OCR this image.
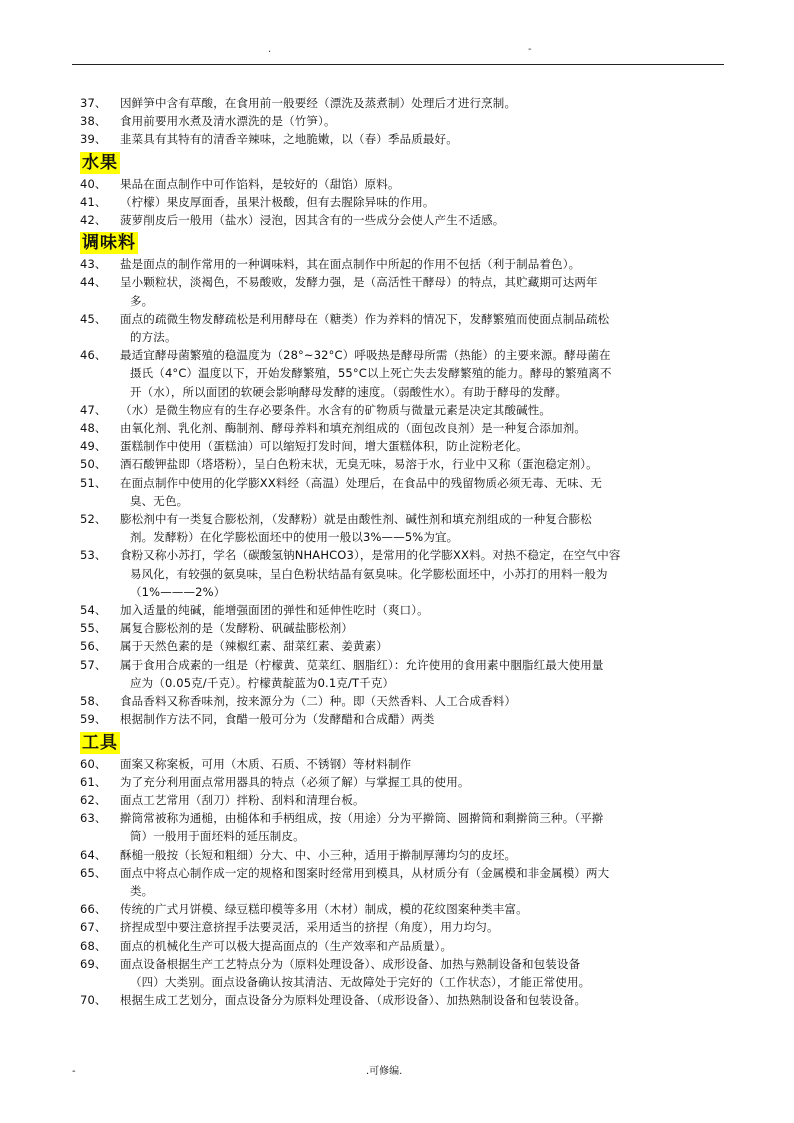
.	-
37、 因鲜笋中含有草酸，在食用前一般要经（漂洗及蒸煮制）处理后才进行烹制。
38、 食用前要用水煮及清水漂洗的是（竹笋）。
39、 韭菜具有其特有的清香辛辣味，之地脆嫩，以（春）季品质最好。
水果
40、 果品在面点制作中可作馅料，是较好的（甜馅）原料。
41、 （柠檬）果皮厚面香，虽果汁极酸，但有去腥除异味的作用。
42、 菠萝削皮后一般用（盐水）浸泡，因其含有的一些成分会使人产生不适感。
调味料
43、 盐是面点的制作常用的一种调味料，其在面点制作中所起的作用不包括（利于制品着色）。
44、 呈小颗粒状，淡褐色，不易酸败，发酵力强，是（高活性干酵母）的特点，其贮藏期可达两年
多。
45、 面点的疏微生物发酵疏松是利用酵母在（糖类）作为养料的情况下，发酵繁殖而使面点制品疏松
的方法。
46、 最适宜酵母菌繁殖的稳温度为（28°~32°C）呼吸热是酵母所需（热能）的主要来源。酵母菌在
摄氏（4°C）温度以下，开始发酵繁殖，55°C以上死亡失去发酵繁殖的能力。酵母的繁殖离不
开（水），所以面团的软硬会影响酵母发酵的速度。（弱酸性水）。有助于酵母的发酵。
47、 （水）是微生物应有的生存必要条件。水含有的矿物质与微量元素是决定其酸碱性。
48、 由氧化剂、乳化剂、酶制剂、酵母养料和填充剂组成的（面包改良剂）是一种复合添加剂。
49、 蛋糕制作中使用（蛋糕油）可以缩短打发时间，增大蛋糕体积，防止淀粉老化。
50、 酒石酸钾盐即（塔塔粉），呈白色粉末状，无臭无味，易溶于水，行业中又称（蛋泡稳定剂）。
51、 在面点制作中使用的化学膨XX料经（高温）处理后，在食品中的残留物质必须无毒、无味、无
臭、无色。
52、 膨松剂中有一类复合膨松剂，（发酵粉）就是由酸性剂、碱性剂和填充剂组成的一种复合膨松
剂。发酵粉）在化学膨松面坯中的使用一般以3%——5%为宜。
53、 食粉又称小苏打，学名（碳酸氢钠NHAHCO3），是常用的化学膨XX料。对热不稳定，在空气中容
易风化，有较强的氨臭味，呈白色粉状结晶有氨臭味。化学膨松面坯中，小苏打的用料一般为
（1%———2%）
54、 加入适量的纯碱，能增强面团的弹性和延伸性吃时（爽口）。
55、 属复合膨松剂的是（发酵粉、矾碱盐膨松剂）
56、 属于天然色素的是（辣椒红素、甜菜红素、姜黄素）
57、 属于食用合成素的一组是（柠檬黄、苋菜红、胭脂红）：允许使用的食用素中胭脂红最大使用量
应为（0.05克/千克）。柠檬黄靛蓝为0.1克/T千克）
58、 食品香料又称香味剂，按来源分为（二）种。即（天然香料、人工合成香料）
59、 根据制作方法不同，食醋一般可分为（发酵醋和合成醋）两类
工具
60、 面案又称案板，可用（木质、石质、不锈钢）等材料制作
61、 为了充分利用面点常用器具的特点（必须了解）与掌握工具的使用。
62、 面点工艺常用（刮刀）拌粉、刮料和清理台板。
63、 擀筒常被称为通槌，由槌体和手柄组成，按（用途）分为平擀筒、圆擀筒和剩擀筒三种。（平擀
筒）一般用于面坯料的延压制皮。
64、 酥槌一般按（长短和粗细）分大、中、小三种，适用于擀制厚薄均匀的皮坯。
65、 面点中将点心制作成一定的规格和图案时经常用到模具，从材质分有（金属模和非金属模）两大
类。
66、 传统的广式月饼模、绿豆糕印模等多用（木材）制成，模的花纹图案种类丰富。
67、 挤捏成型中要注意挤捏手法要灵活，采用适当的挤捏（角度），用力均匀。
68、 面点的机械化生产可以极大提高面点的（生产效率和产品质量）。
69、 面点设备根据生产工艺特点分为（原料处理设备）、成形设备、加热与熟制设备和包装设备
（四）大类别。面点设备确认按其清洁、无故障处于完好的（工作状态），才能正常使用。
70、 根据生成工艺划分，面点设备分为原料处理设备、（成形设备）、加热熟制设备和包装设备。
-	.可修编.
